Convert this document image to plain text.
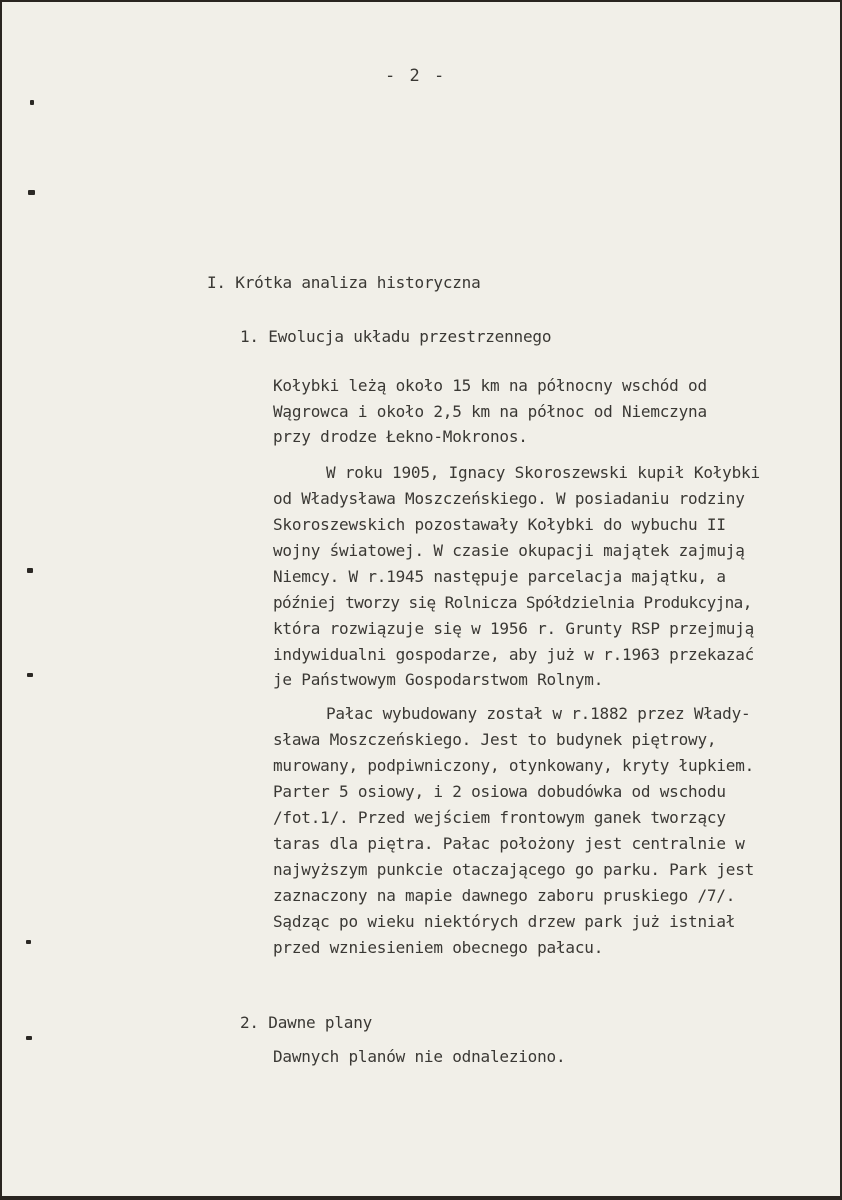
- 2 -
I. Krótka analiza historyczna
1. Ewolucja układu przestrzennego
Kołybki leżą około 15 km na północny wschód od
Wągrowca i około 2,5 km na północ od Niemczyna
przy drodze Łekno-Mokronos.
W roku 1905, Ignacy Skoroszewski kupił Kołybki
od Władysława Moszczeńskiego. W posiadaniu rodziny
Skoroszewskich pozostawały Kołybki do wybuchu II
wojny światowej. W czasie okupacji majątek zajmują
Niemcy. W r.1945 następuje parcelacja majątku, a
później tworzy się Rolnicza Spółdzielnia Produkcyjna,
która rozwiązuje się w 1956 r. Grunty RSP przejmują
indywidualni gospodarze, aby już w r.1963 przekazać
je Państwowym Gospodarstwom Rolnym.
Pałac wybudowany został w r.1882 przez Włady-
sława Moszczeńskiego. Jest to budynek piętrowy,
murowany, podpiwniczony, otynkowany, kryty łupkiem.
Parter 5 osiowy, i 2 osiowa dobudówka od wschodu
/fot.1/. Przed wejściem frontowym ganek tworzący
taras dla piętra. Pałac położony jest centralnie w
najwyższym punkcie otaczającego go parku. Park jest
zaznaczony na mapie dawnego zaboru pruskiego /7/.
Sądząc po wieku niektórych drzew park już istniał
przed wzniesieniem obecnego pałacu.
2. Dawne plany
Dawnych planów nie odnaleziono.
